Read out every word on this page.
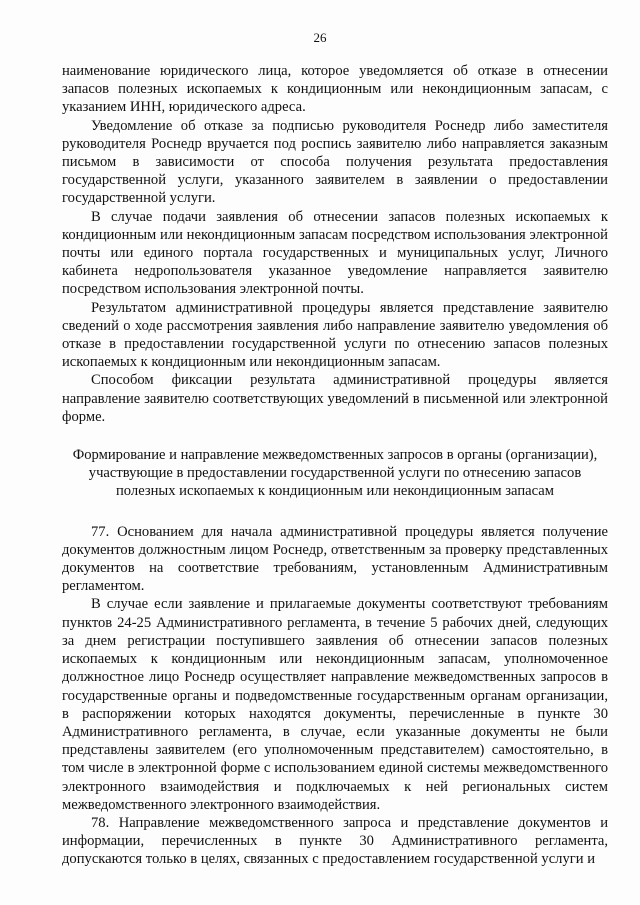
26

наименование юридического лица, которое уведомляется об отказе в отнесении запасов полезных ископаемых к кондиционным или некондиционным запасам, с указанием ИНН, юридического адреса.

Уведомление об отказе за подписью руководителя Роснедр либо заместителя руководителя Роснедр вручается под роспись заявителю либо направляется заказным письмом в зависимости от способа получения результата предоставления государственной услуги, указанного заявителем в заявлении о предоставлении государственной услуги.

В случае подачи заявления об отнесении запасов полезных ископаемых к кондиционным или некондиционным запасам посредством использования электронной почты или единого портала государственных и муниципальных услуг, Личного кабинета недропользователя указанное уведомление направляется заявителю посредством использования электронной почты.

Результатом административной процедуры является представление заявителю сведений о ходе рассмотрения заявления либо направление заявителю уведомления об отказе в предоставлении государственной услуги по отнесению запасов полезных ископаемых к кондиционным или некондиционным запасам.

Способом фиксации результата административной процедуры является направление заявителю соответствующих уведомлений в письменной или электронной форме.

Формирование и направление межведомственных запросов в органы (организации), участвующие в предоставлении государственной услуги по отнесению запасов полезных ископаемых к кондиционным или некондиционным запасам

77. Основанием для начала административной процедуры является получение документов должностным лицом Роснедр, ответственным за проверку представленных документов на соответствие требованиям, установленным Административным регламентом.

В случае если заявление и прилагаемые документы соответствуют требованиям пунктов 24-25 Административного регламента, в течение 5 рабочих дней, следующих за днем регистрации поступившего заявления об отнесении запасов полезных ископаемых к кондиционным или некондиционным запасам, уполномоченное должностное лицо Роснедр осуществляет направление межведомственных запросов в государственные органы и подведомственные государственным органам организации, в распоряжении которых находятся документы, перечисленные в пункте 30 Административного регламента, в случае, если указанные документы не были представлены заявителем (его уполномоченным представителем) самостоятельно, в том числе в электронной форме с использованием единой системы межведомственного электронного взаимодействия и подключаемых к ней региональных систем межведомственного электронного взаимодействия.

78. Направление межведомственного запроса и представление документов и информации, перечисленных в пункте 30 Административного регламента, допускаются только в целях, связанных с предоставлением государственной услуги и
